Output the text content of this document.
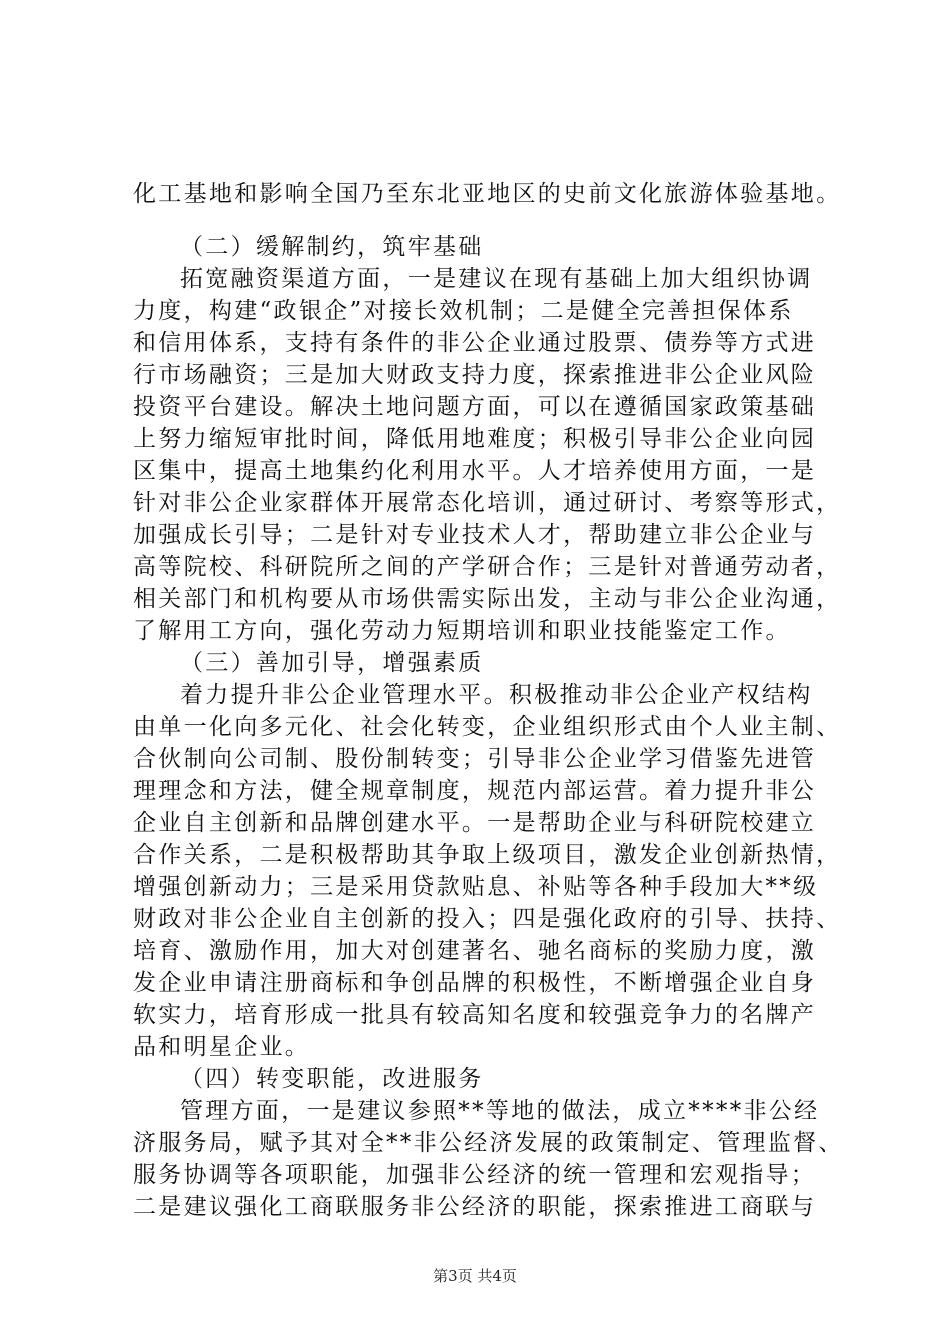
化工基地和影响全国乃至东北亚地区的史前文化旅游体验基地。
（二）缓解制约，筑牢基础
拓宽融资渠道方面，一是建议在现有基础上加大组织协调
力度，构建“政银企”对接长效机制；二是健全完善担保体系
和信用体系，支持有条件的非公企业通过股票、债券等方式进
行市场融资；三是加大财政支持力度，探索推进非公企业风险
投资平台建设。解决土地问题方面，可以在遵循国家政策基础
上努力缩短审批时间，降低用地难度；积极引导非公企业向园
区集中，提高土地集约化利用水平。人才培养使用方面，一是
针对非公企业家群体开展常态化培训，通过研讨、考察等形式，
加强成长引导；二是针对专业技术人才，帮助建立非公企业与
高等院校、科研院所之间的产学研合作；三是针对普通劳动者，
相关部门和机构要从市场供需实际出发，主动与非公企业沟通，
了解用工方向，强化劳动力短期培训和职业技能鉴定工作。
（三）善加引导，增强素质
着力提升非公企业管理水平。积极推动非公企业产权结构
由单一化向多元化、社会化转变，企业组织形式由个人业主制、
合伙制向公司制、股份制转变；引导非公企业学习借鉴先进管
理理念和方法，健全规章制度，规范内部运营。着力提升非公
企业自主创新和品牌创建水平。一是帮助企业与科研院校建立
合作关系，二是积极帮助其争取上级项目，激发企业创新热情，
增强创新动力；三是采用贷款贴息、补贴等各种手段加大**级
财政对非公企业自主创新的投入；四是强化政府的引导、扶持、
培育、激励作用，加大对创建著名、驰名商标的奖励力度，激
发企业申请注册商标和争创品牌的积极性，不断增强企业自身
软实力，培育形成一批具有较高知名度和较强竞争力的名牌产
品和明星企业。
（四）转变职能，改进服务
管理方面，一是建议参照**等地的做法，成立****非公经
济服务局，赋予其对全**非公经济发展的政策制定、管理监督、
服务协调等各项职能，加强非公经济的统一管理和宏观指导；
二是建议强化工商联服务非公经济的职能，探索推进工商联与
第3页 共4页
